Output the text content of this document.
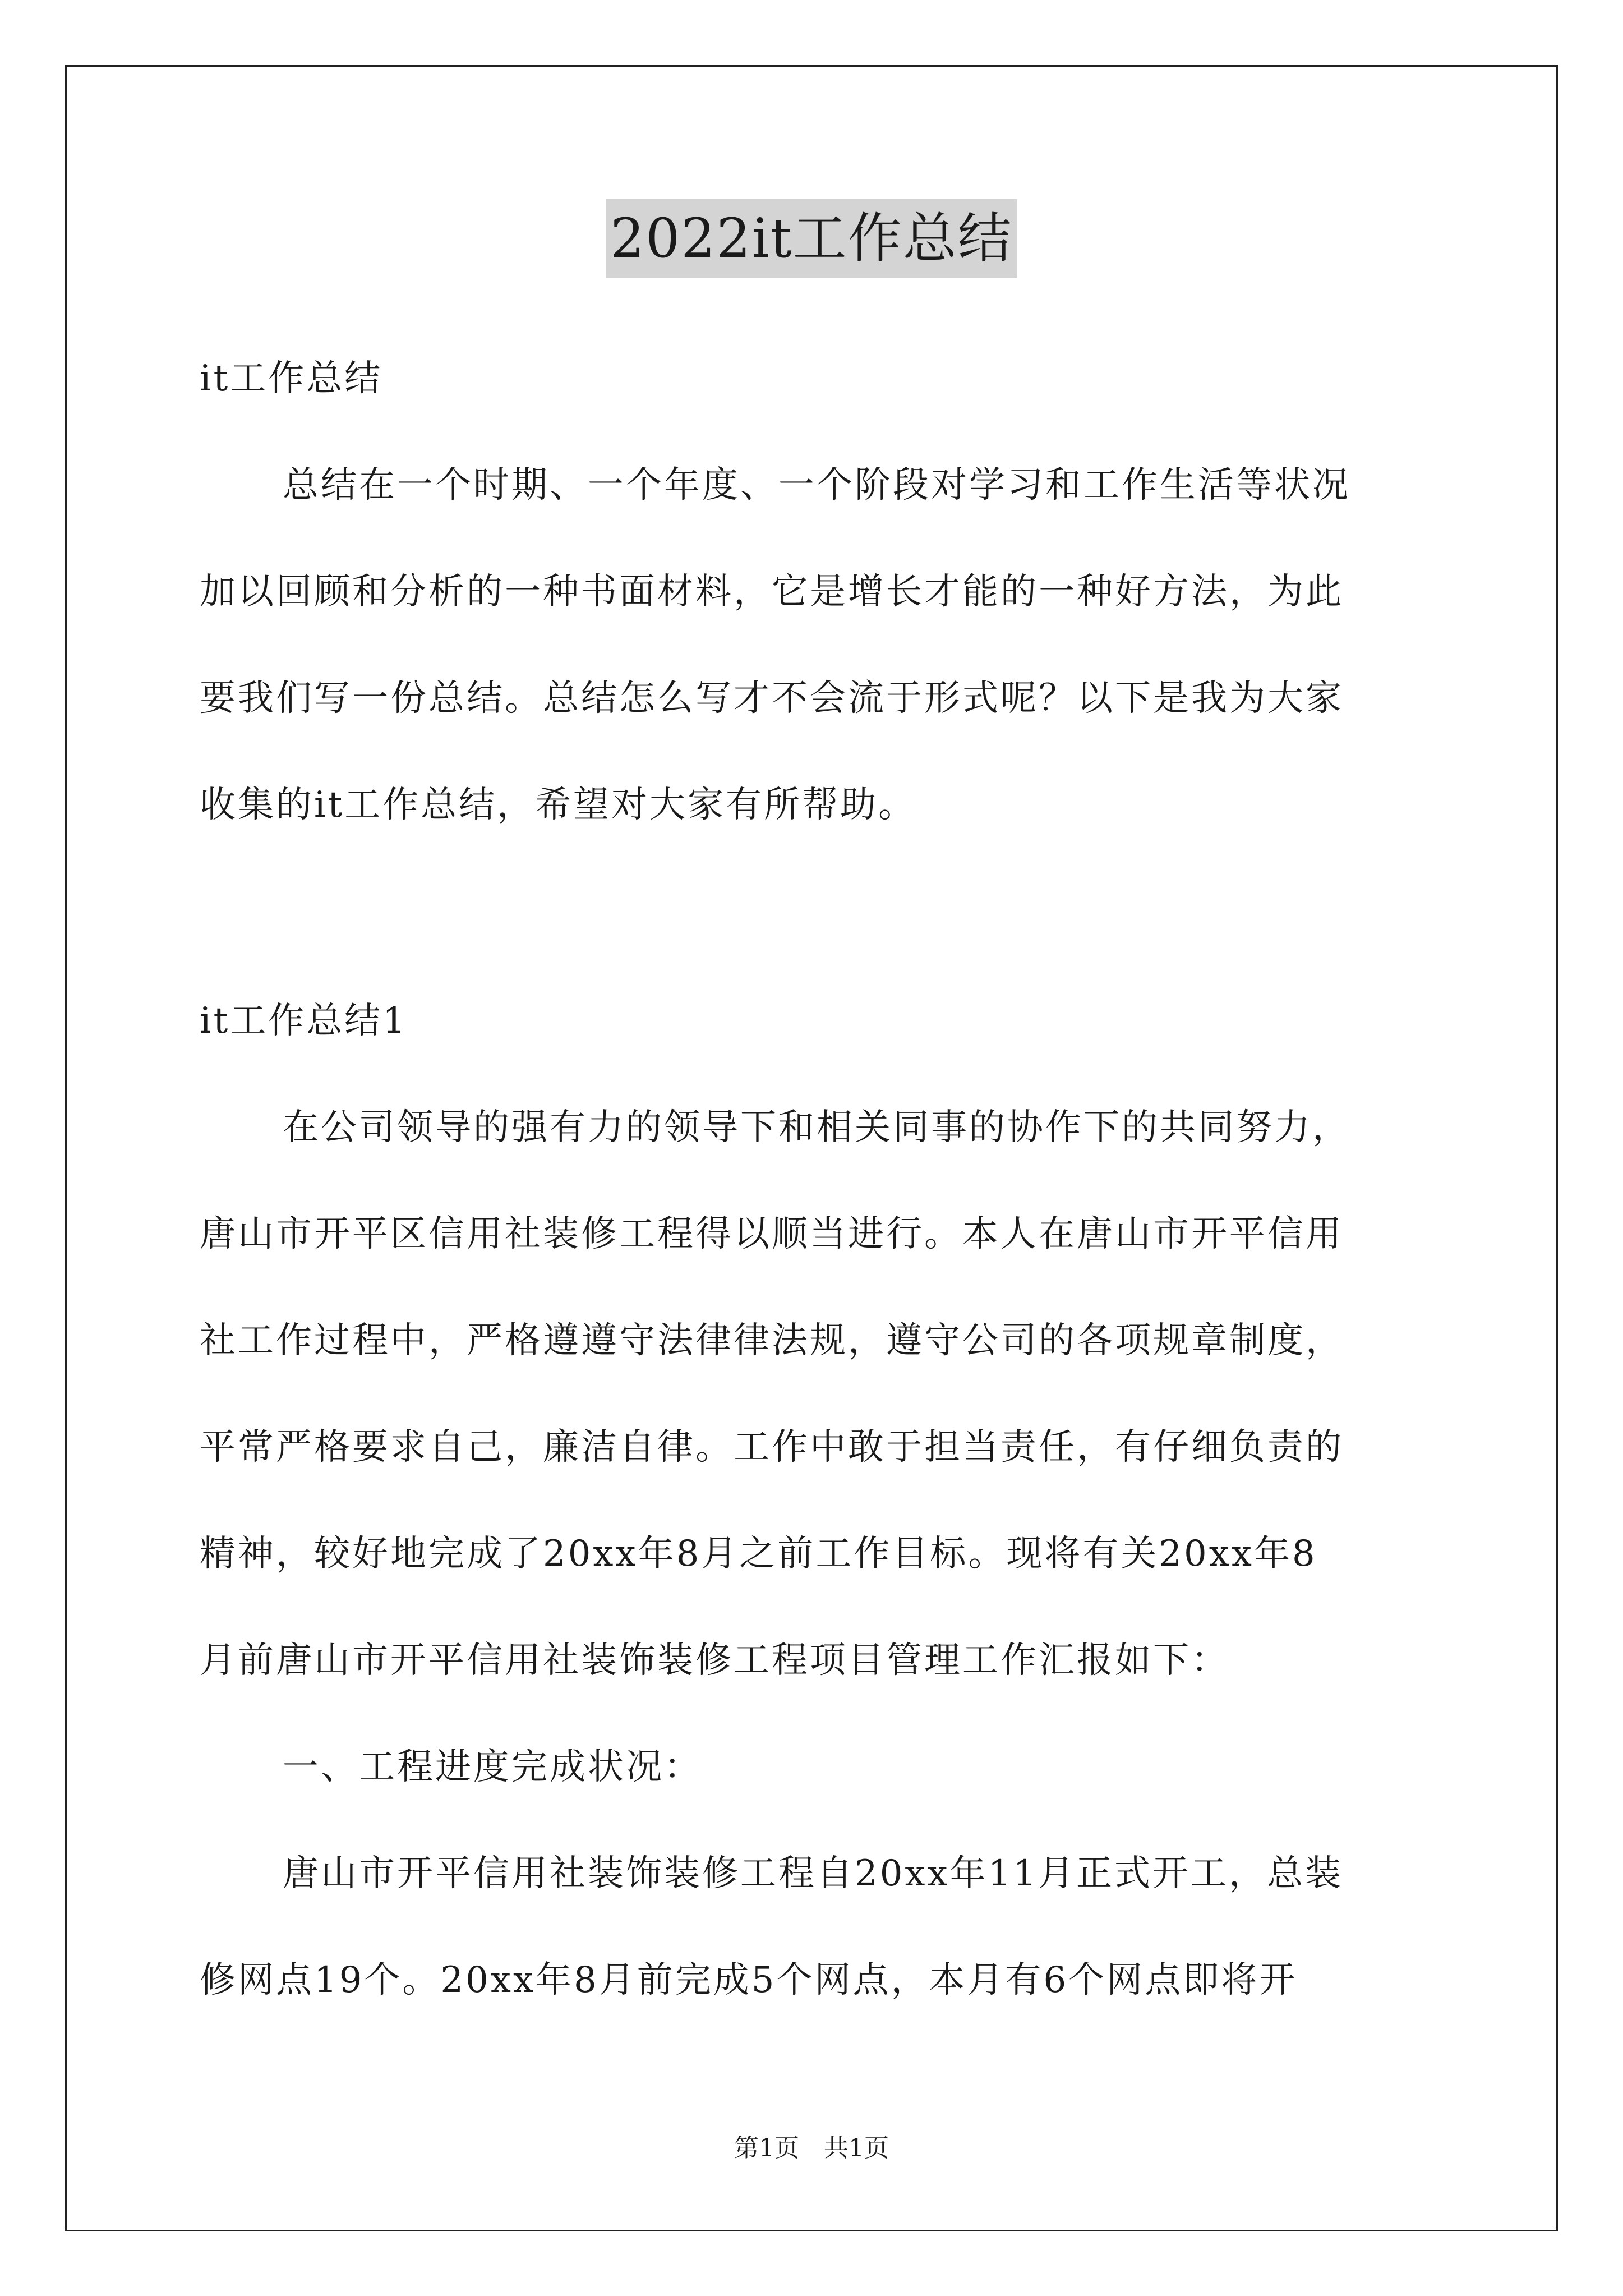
2022it工作总结
it工作总结
总结在一个时期、一个年度、一个阶段对学习和工作生活等状况
加以回顾和分析的一种书面材料，它是增长才能的一种好方法，为此
要我们写一份总结。总结怎么写才不会流于形式呢？以下是我为大家
收集的it工作总结，希望对大家有所帮助。
it工作总结1
在公司领导的强有力的领导下和相关同事的协作下的共同努力，
唐山市开平区信用社装修工程得以顺当进行。本人在唐山市开平信用
社工作过程中，严格遵遵守法律律法规，遵守公司的各项规章制度，
平常严格要求自己，廉洁自律。工作中敢于担当责任，有仔细负责的
精神，较好地完成了20xx年8月之前工作目标。现将有关20xx年8
月前唐山市开平信用社装饰装修工程项目管理工作汇报如下：
一、工程进度完成状况：
唐山市开平信用社装饰装修工程自20xx年11月正式开工，总装
修网点19个。20xx年8月前完成5个网点，本月有6个网点即将开
第1页　共1页
